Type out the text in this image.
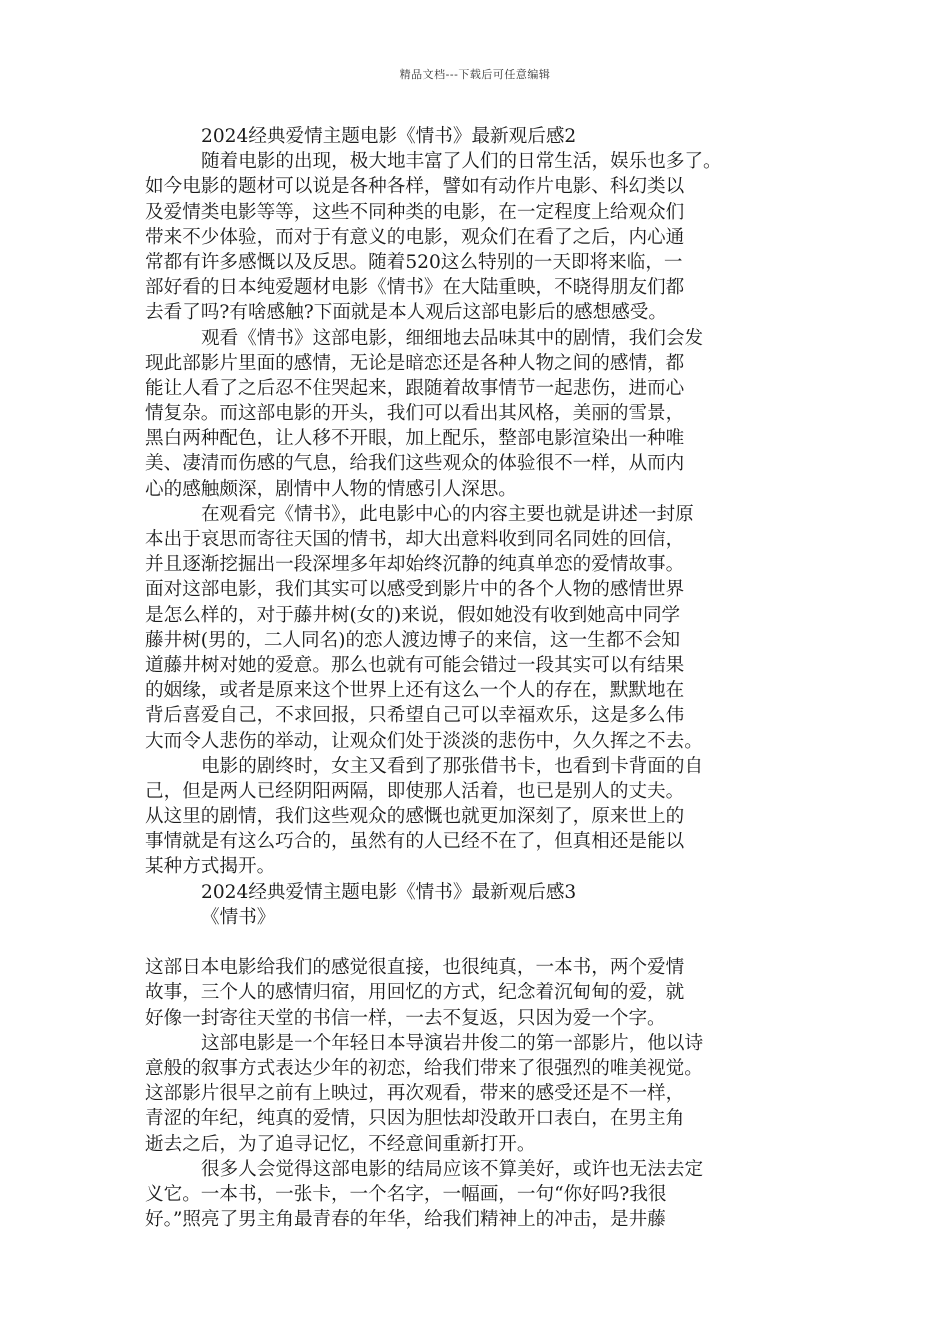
精品文档---下载后可任意编辑
2024经典爱情主题电影《情书》最新观后感2
随着电影的出现，极大地丰富了人们的日常生活，娱乐也多了。
如今电影的题材可以说是各种各样，譬如有动作片电影、科幻类以
及爱情类电影等等，这些不同种类的电影，在一定程度上给观众们
带来不少体验，而对于有意义的电影，观众们在看了之后，内心通
常都有许多感慨以及反思。随着520这么特别的一天即将来临，一
部好看的日本纯爱题材电影《情书》在大陆重映，不晓得朋友们都
去看了吗?有啥感触?下面就是本人观后这部电影后的感想感受。
观看《情书》这部电影，细细地去品味其中的剧情，我们会发
现此部影片里面的感情，无论是暗恋还是各种人物之间的感情，都
能让人看了之后忍不住哭起来，跟随着故事情节一起悲伤，进而心
情复杂。而这部电影的开头，我们可以看出其风格，美丽的雪景，
黑白两种配色，让人移不开眼，加上配乐，整部电影渲染出一种唯
美、凄清而伤感的气息，给我们这些观众的体验很不一样，从而内
心的感触颇深，剧情中人物的情感引人深思。
在观看完《情书》，此电影中心的内容主要也就是讲述一封原
本出于哀思而寄往天国的情书，却大出意料收到同名同姓的回信，
并且逐渐挖掘出一段深埋多年却始终沉静的纯真单恋的爱情故事。
面对这部电影，我们其实可以感受到影片中的各个人物的感情世界
是怎么样的，对于藤井树(女的)来说，假如她没有收到她高中同学
藤井树(男的，二人同名)的恋人渡边博子的来信，这一生都不会知
道藤井树对她的爱意。那么也就有可能会错过一段其实可以有结果
的姻缘，或者是原来这个世界上还有这么一个人的存在，默默地在
背后喜爱自己，不求回报，只希望自己可以幸福欢乐，这是多么伟
大而令人悲伤的举动，让观众们处于淡淡的悲伤中，久久挥之不去。
电影的剧终时，女主又看到了那张借书卡，也看到卡背面的自
己，但是两人已经阴阳两隔，即使那人活着，也已是别人的丈夫。
从这里的剧情，我们这些观众的感慨也就更加深刻了，原来世上的
事情就是有这么巧合的，虽然有的人已经不在了，但真相还是能以
某种方式揭开。
2024经典爱情主题电影《情书》最新观后感3
《情书》
这部日本电影给我们的感觉很直接，也很纯真，一本书，两个爱情
故事，三个人的感情归宿，用回忆的方式，纪念着沉甸甸的爱，就
好像一封寄往天堂的书信一样，一去不复返，只因为爱一个字。
这部电影是一个年轻日本导演岩井俊二的第一部影片，他以诗
意般的叙事方式表达少年的初恋，给我们带来了很强烈的唯美视觉。
这部影片很早之前有上映过，再次观看，带来的感受还是不一样，
青涩的年纪，纯真的爱情，只因为胆怯却没敢开口表白，在男主角
逝去之后，为了追寻记忆，不经意间重新打开。
很多人会觉得这部电影的结局应该不算美好，或许也无法去定
义它。一本书，一张卡，一个名字，一幅画，一句“你好吗?我很
好。”照亮了男主角最青春的年华，给我们精神上的冲击，是井藤
